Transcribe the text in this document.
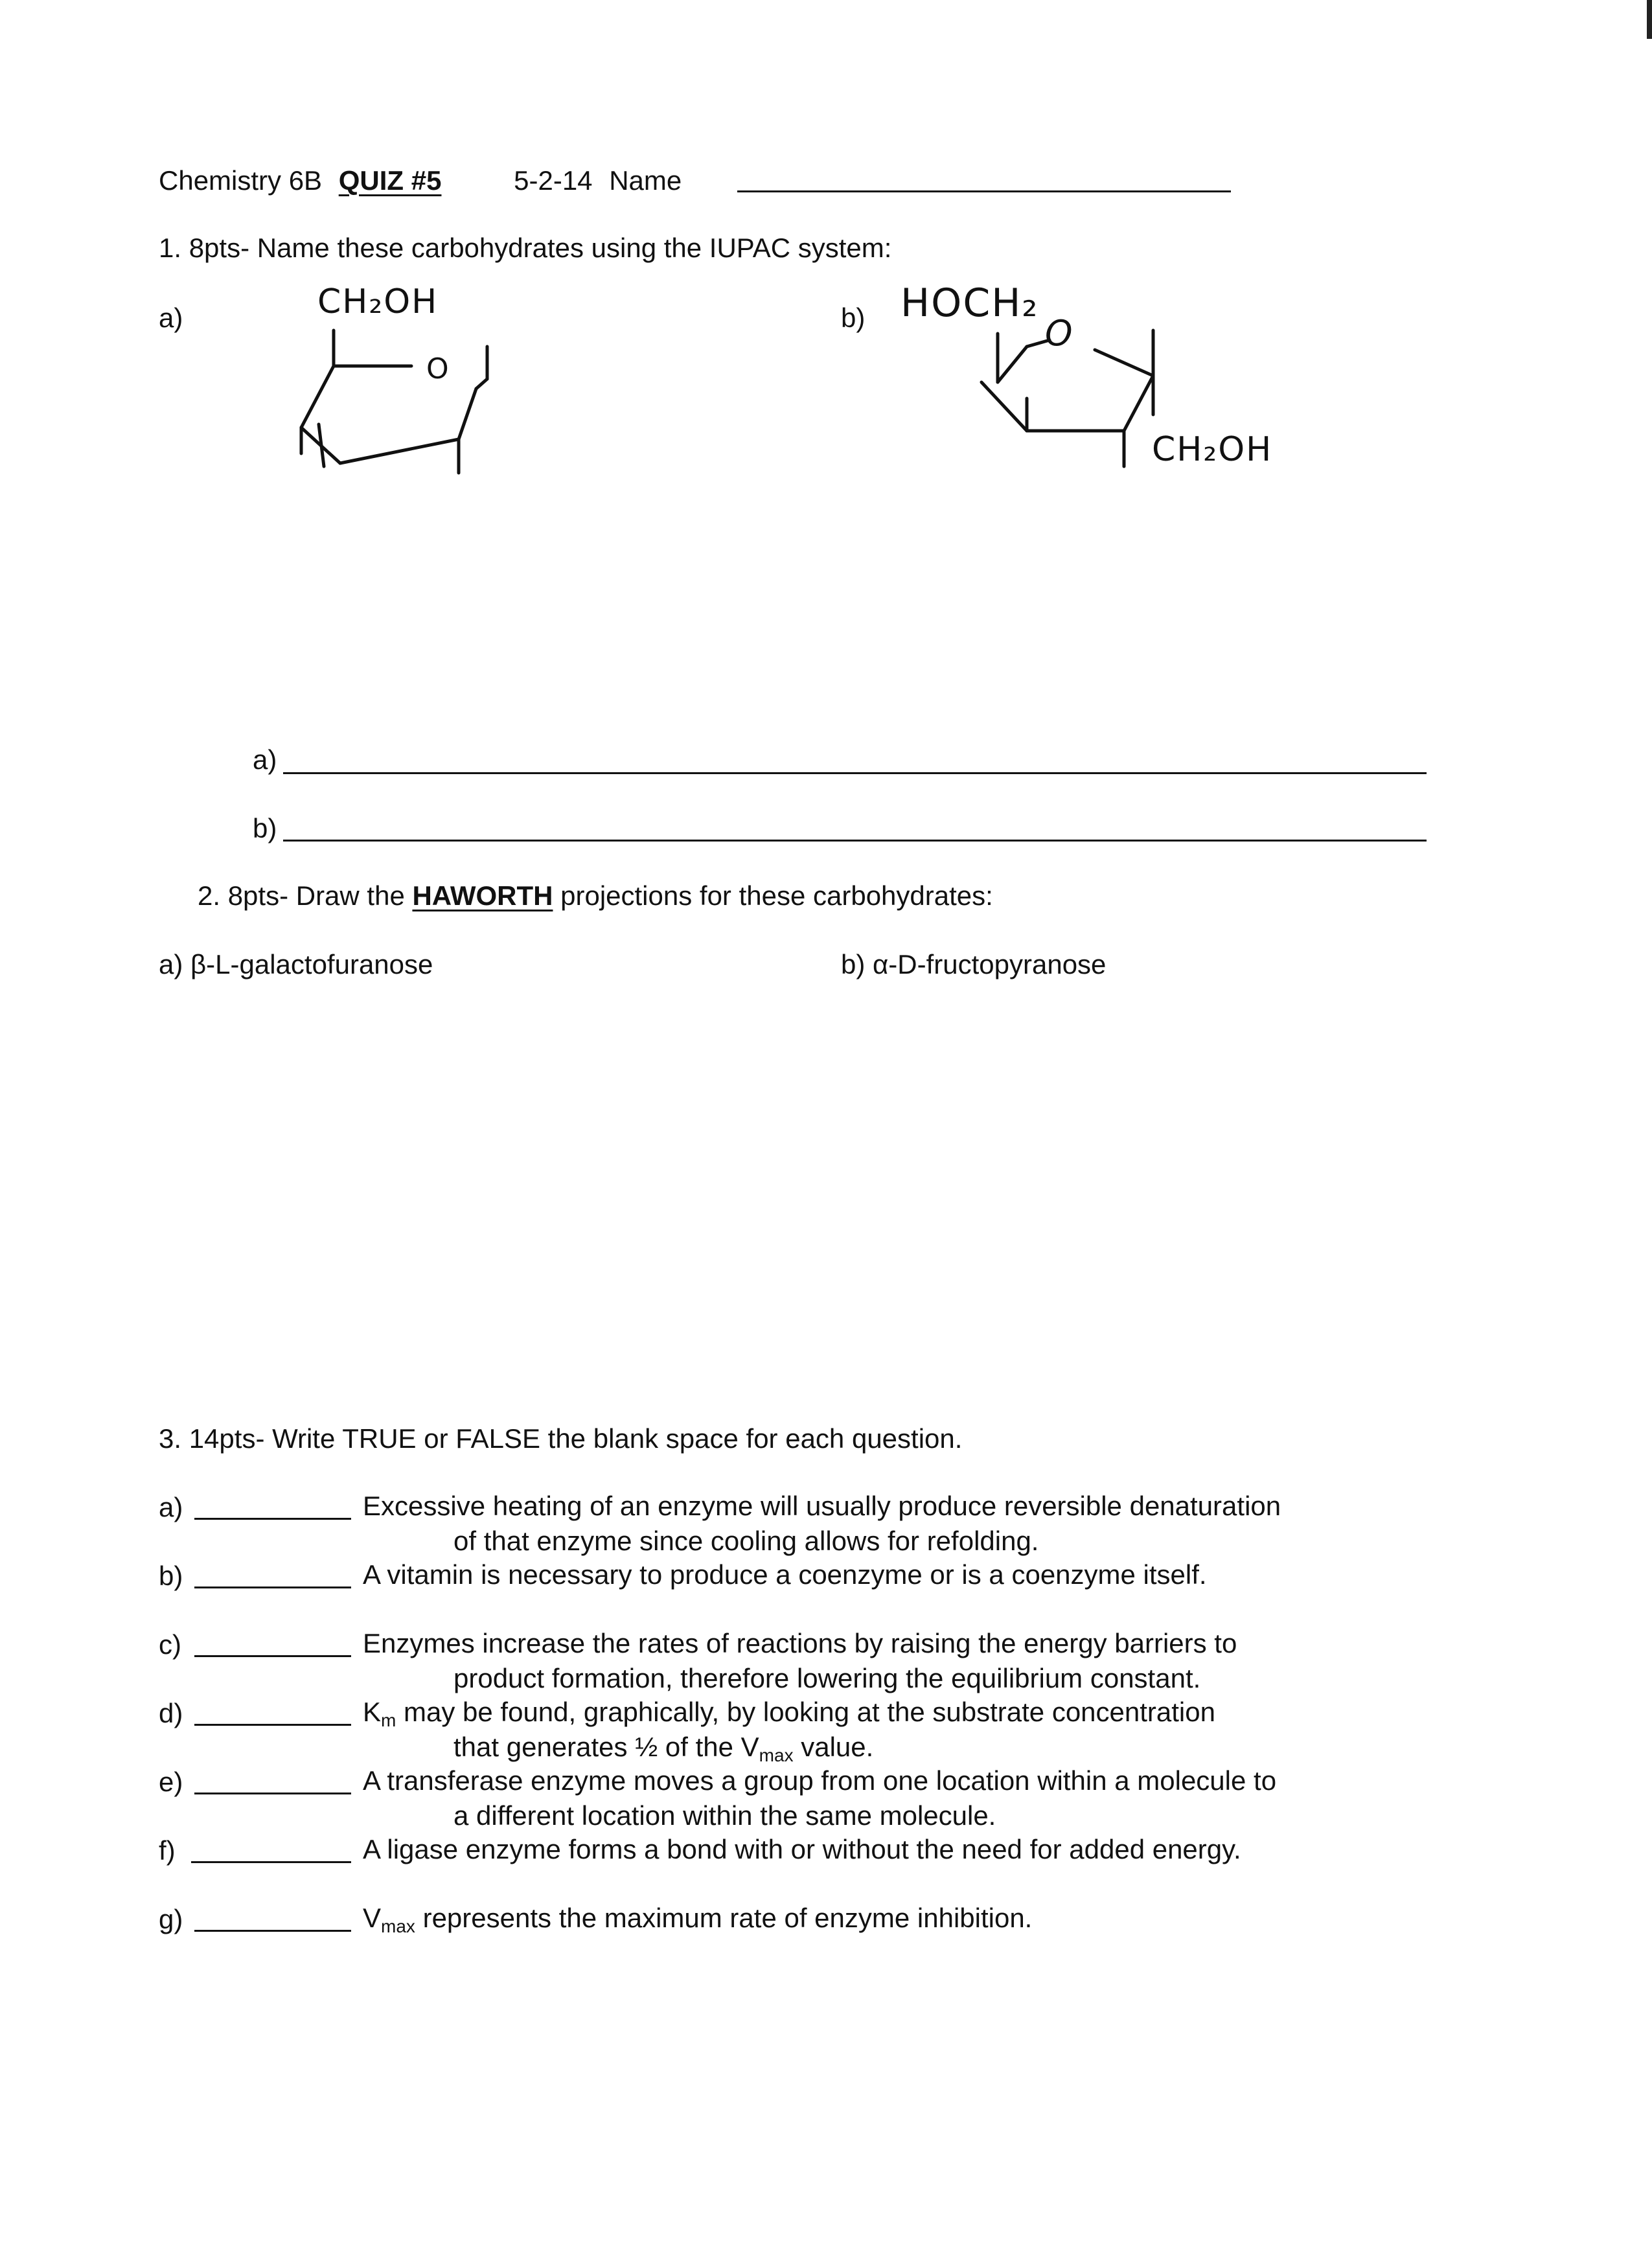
Chemistry 6B QUIZ #5	5-2-14 Name
1. 8pts- Name these carbohydrates using the IUPAC system:
a)	b)
CH₂OH
O
HOCH₂
O
CH₂OH
a)
b)
2. 8pts- Draw the HAWORTH projections for these carbohydrates:
a) β-L-galactofuranose	b) α-D-fructopyranose
3. 14pts- Write TRUE or FALSE the blank space for each question.
a)	Excessive heating of an enzyme will usually produce reversible denaturation
of that enzyme since cooling allows for refolding.
b)	A vitamin is necessary to produce a coenzyme or is a coenzyme itself.
c)	Enzymes increase the rates of reactions by raising the energy barriers to
product formation, therefore lowering the equilibrium constant.
d)	$K_m$ may be found, graphically, by looking at the substrate concentration
that generates ½ of the $V_{max}$ value.
e)	A transferase enzyme moves a group from one location within a molecule to
a different location within the same molecule.
f)	A ligase enzyme forms a bond with or without the need for added energy.
g)	$V_{max}$ represents the maximum rate of enzyme inhibition.
